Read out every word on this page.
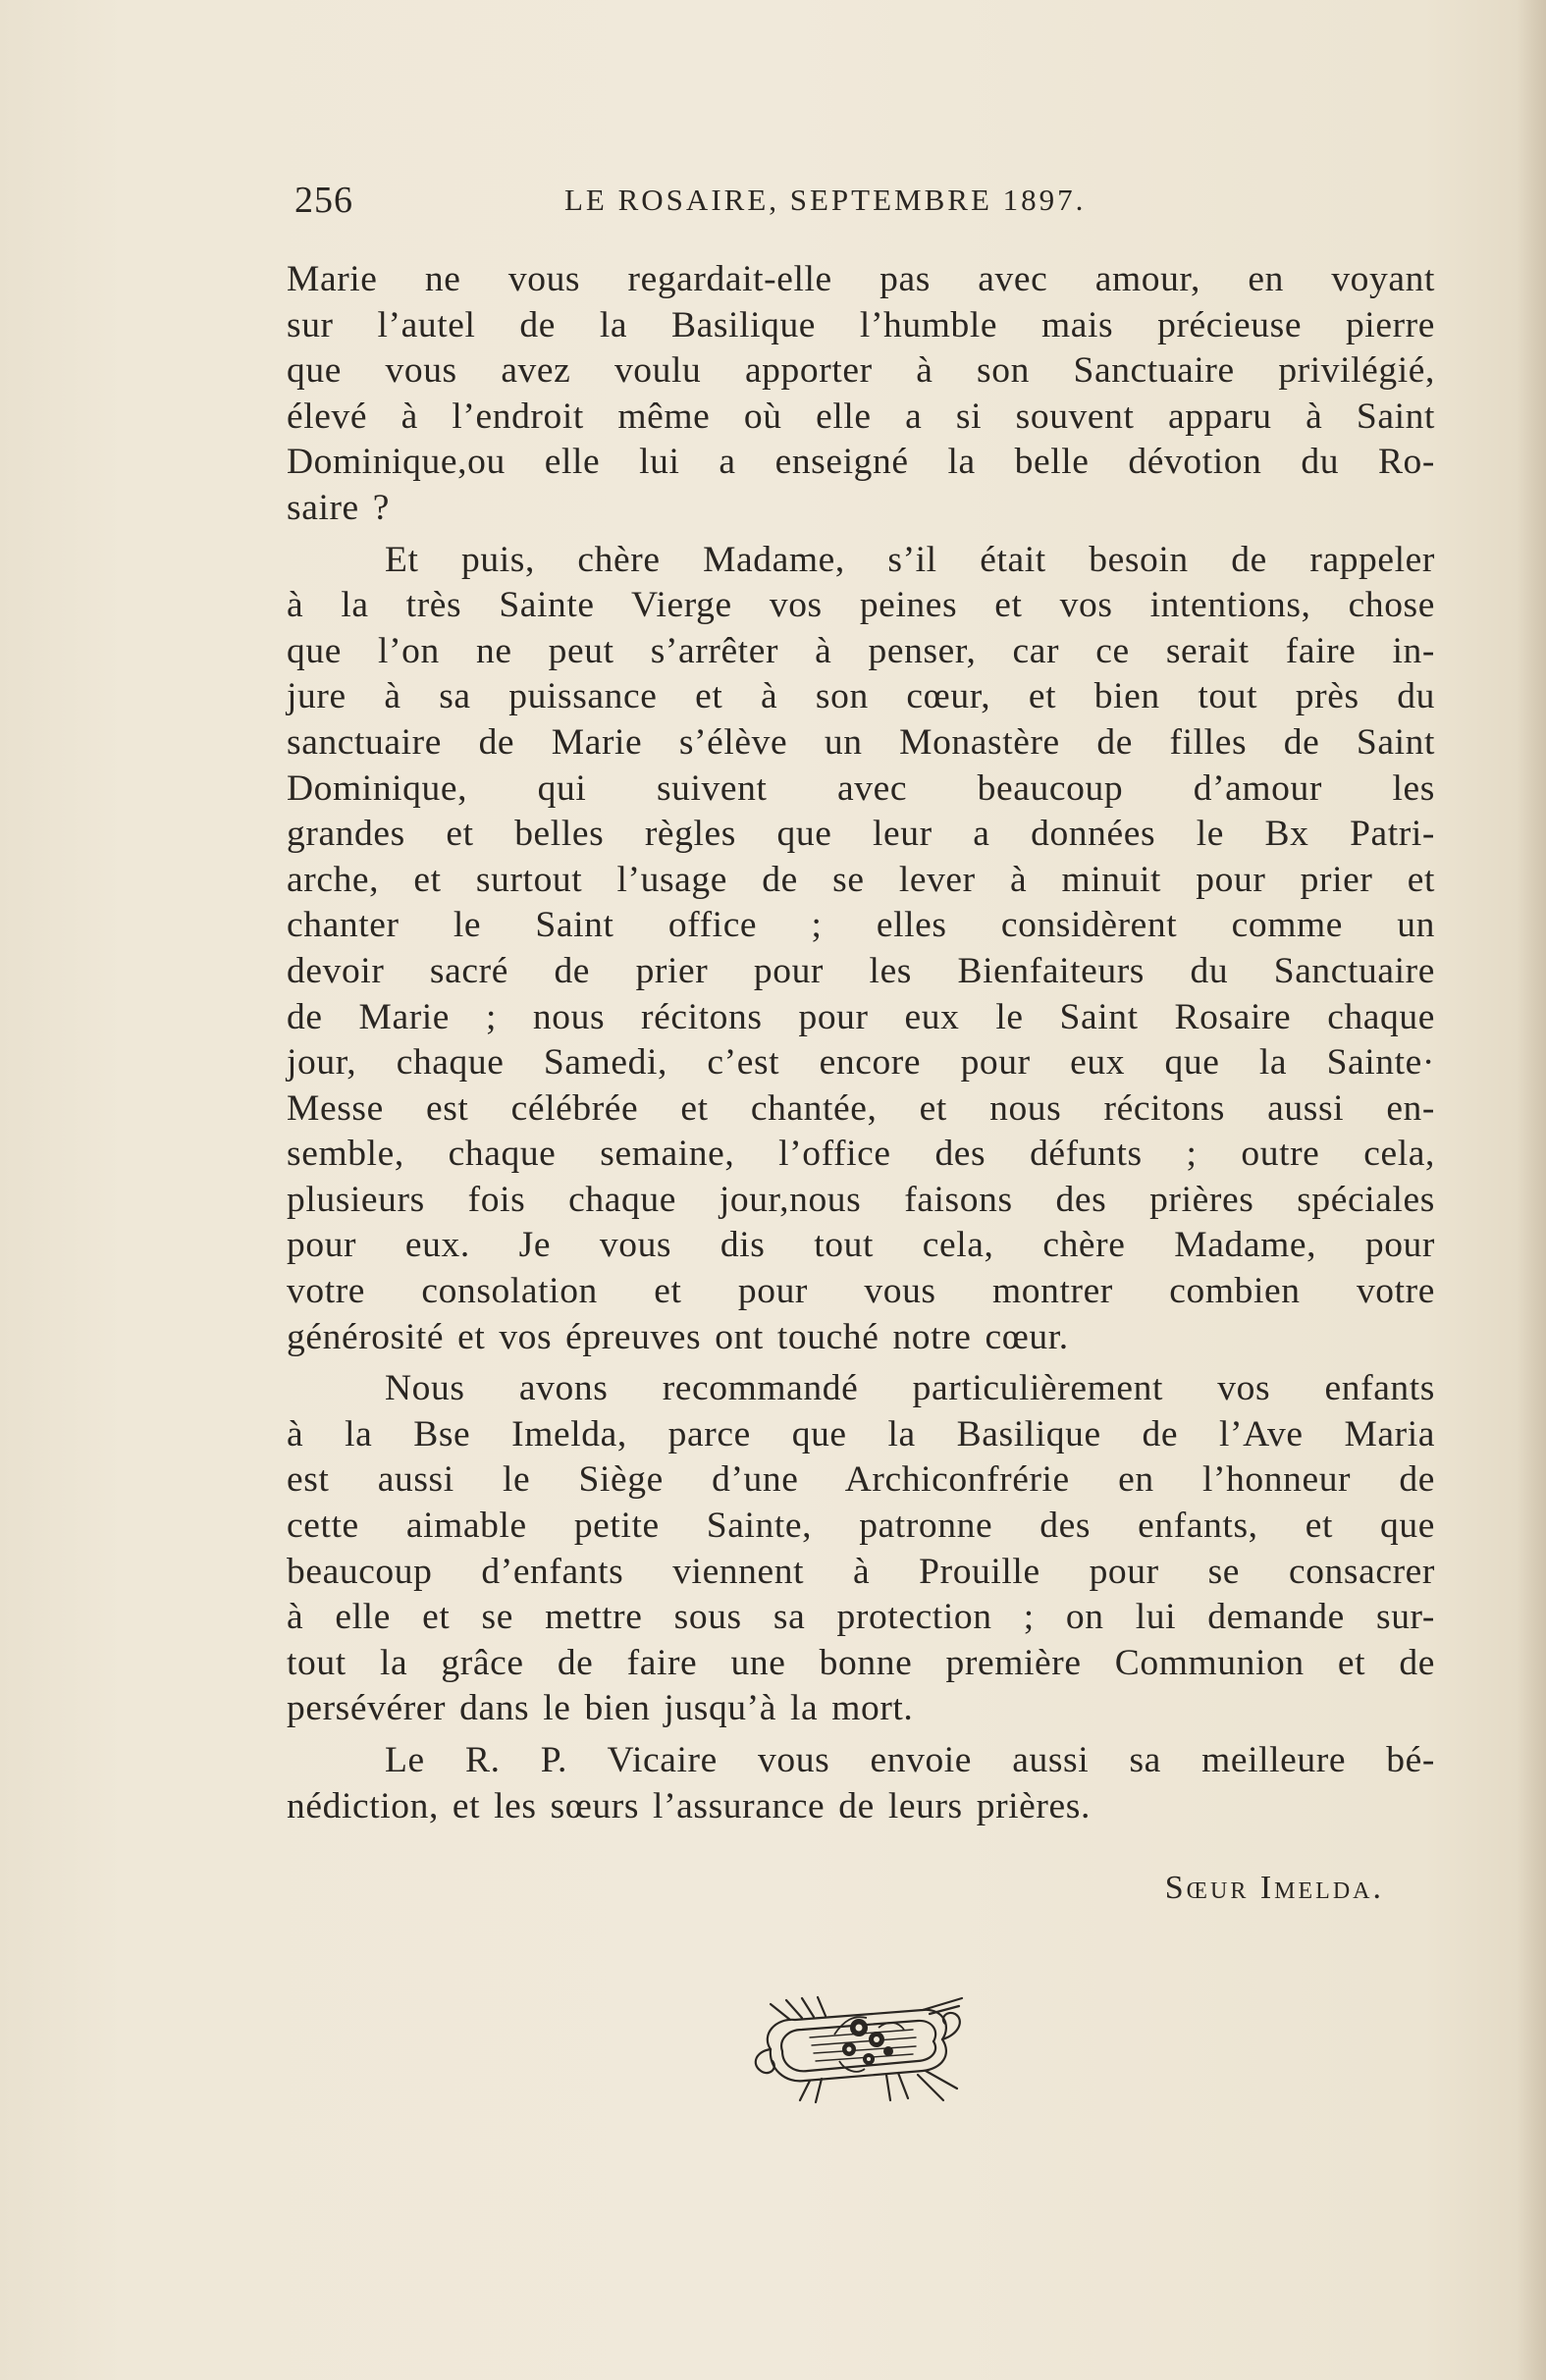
256	LE ROSAIRE, SEPTEMBRE 1897.
Marie ne vous regardait-elle pas avec amour, en voyant
sur l’autel de la Basilique l’humble mais précieuse pierre
que vous avez voulu apporter à son Sanctuaire privilégié,
élevé à l’endroit même où elle a si souvent apparu à Saint
Dominique,ou elle lui a enseigné la belle dévotion du Ro-
saire ?
Et puis, chère Madame, s’il était besoin de rappeler
à la très Sainte Vierge vos peines et vos intentions, chose
que l’on ne peut s’arrêter à penser, car ce serait faire in-
jure à sa puissance et à son cœur, et bien tout près du
sanctuaire de Marie s’élève un Monastère de filles de Saint
Dominique, qui suivent avec beaucoup d’amour les
grandes et belles règles que leur a données le Bx Patri-
arche, et surtout l’usage de se lever à minuit pour prier et
chanter le Saint office ; elles considèrent comme un
devoir sacré de prier pour les Bienfaiteurs du Sanctuaire
de Marie ; nous récitons pour eux le Saint Rosaire chaque
jour, chaque Samedi, c’est encore pour eux que la Sainte·
Messe est célébrée et chantée, et nous récitons aussi en-
semble, chaque semaine, l’office des défunts ; outre cela,
plusieurs fois chaque jour,nous faisons des prières spéciales
pour eux. Je vous dis tout cela, chère Madame, pour
votre consolation et pour vous montrer combien votre
générosité et vos épreuves ont touché notre cœur.
Nous avons recommandé particulièrement vos enfants
à la Bse Imelda, parce que la Basilique de l’Ave Maria
est aussi le Siège d’une Archiconfrérie en l’honneur de
cette aimable petite Sainte, patronne des enfants, et que
beaucoup d’enfants viennent à Prouille pour se consacrer
à elle et se mettre sous sa protection ; on lui demande sur-
tout la grâce de faire une bonne première Communion et de
persévérer dans le bien jusqu’à la mort.
Le R. P. Vicaire vous envoie aussi sa meilleure bé-
nédiction, et les sœurs l’assurance de leurs prières.
Sœur Imelda.
